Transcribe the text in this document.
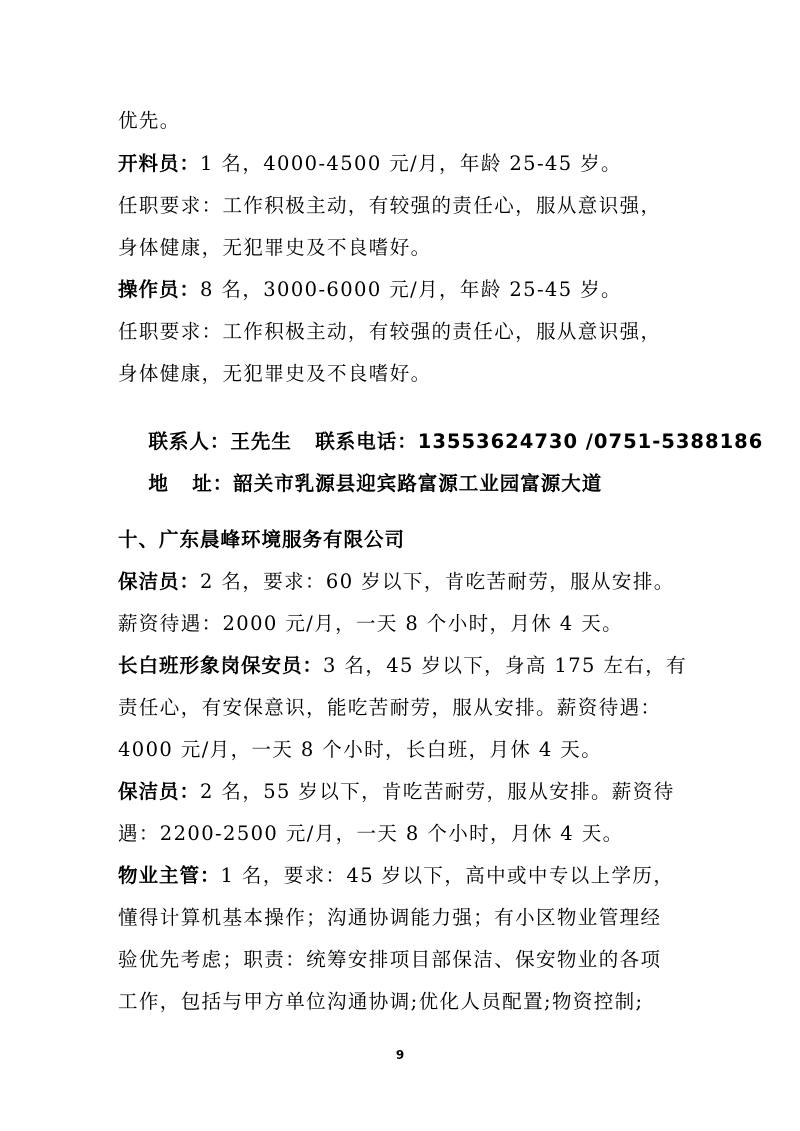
优先。
开料员：1 名，4000-4500 元/月，年龄 25-45 岁。
任职要求：工作积极主动，有较强的责任心，服从意识强，
身体健康，无犯罪史及不良嗜好。
操作员：8 名，3000-6000 元/月，年龄 25-45 岁。
任职要求：工作积极主动，有较强的责任心，服从意识强，
身体健康，无犯罪史及不良嗜好。

联系人：王先生   联系电话：13553624730 /0751-5388186

地   址：韶关市乳源县迎宾路富源工业园富源大道

十、广东晨峰环境服务有限公司
保洁员：2 名，要求：60 岁以下，肯吃苦耐劳，服从安排。
薪资待遇：2000 元/月，一天 8 个小时，月休 4 天。
长白班形象岗保安员：3 名，45 岁以下，身高 175 左右，有
责任心，有安保意识，能吃苦耐劳，服从安排。薪资待遇：
4000 元/月，一天 8 个小时，长白班，月休 4 天。
保洁员：2 名，55 岁以下，肯吃苦耐劳，服从安排。薪资待
遇：2200-2500 元/月，一天 8 个小时，月休 4 天。
物业主管：1 名，要求：45 岁以下，高中或中专以上学历，
懂得计算机基本操作；沟通协调能力强；有小区物业管理经
验优先考虑；职责：统筹安排项目部保洁、保安物业的各项
工作，包括与甲方单位沟通协调;优化人员配置;物资控制;
9
